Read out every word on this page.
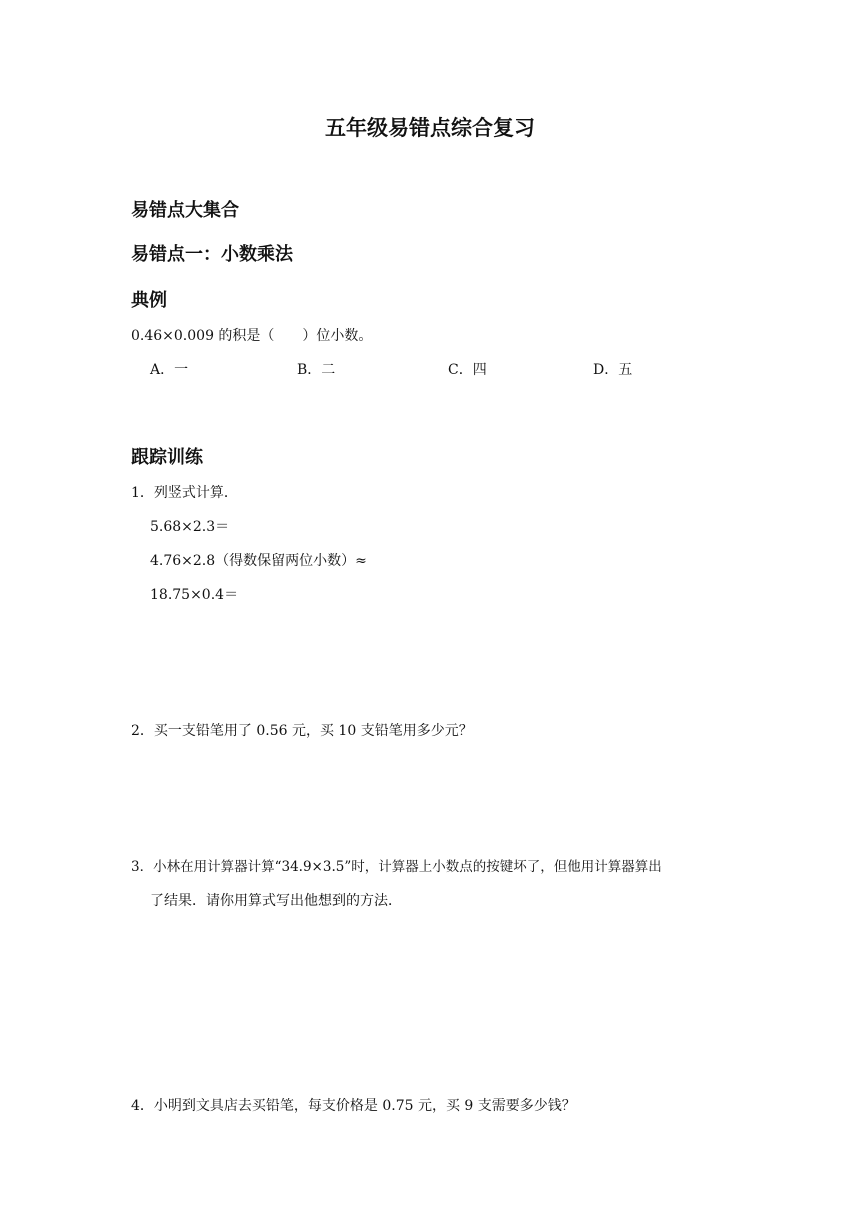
五年级易错点综合复习
易错点大集合
易错点一：小数乘法
典例
0.46×0.009 的积是（　　）位小数。
A．一	B．二	C．四	D．五
跟踪训练
1．列竖式计算．
5.68×2.3＝
4.76×2.8（得数保留两位小数）≈
18.75×0.4＝
2．买一支铅笔用了 0.56 元，买 10 支铅笔用多少元？
3．小林在用计算器计算“34.9×3.5”时，计算器上小数点的按键坏了，但他用计算器算出
了结果．请你用算式写出他想到的方法．
4．小明到文具店去买铅笔，每支价格是 0.75 元，买 9 支需要多少钱？
